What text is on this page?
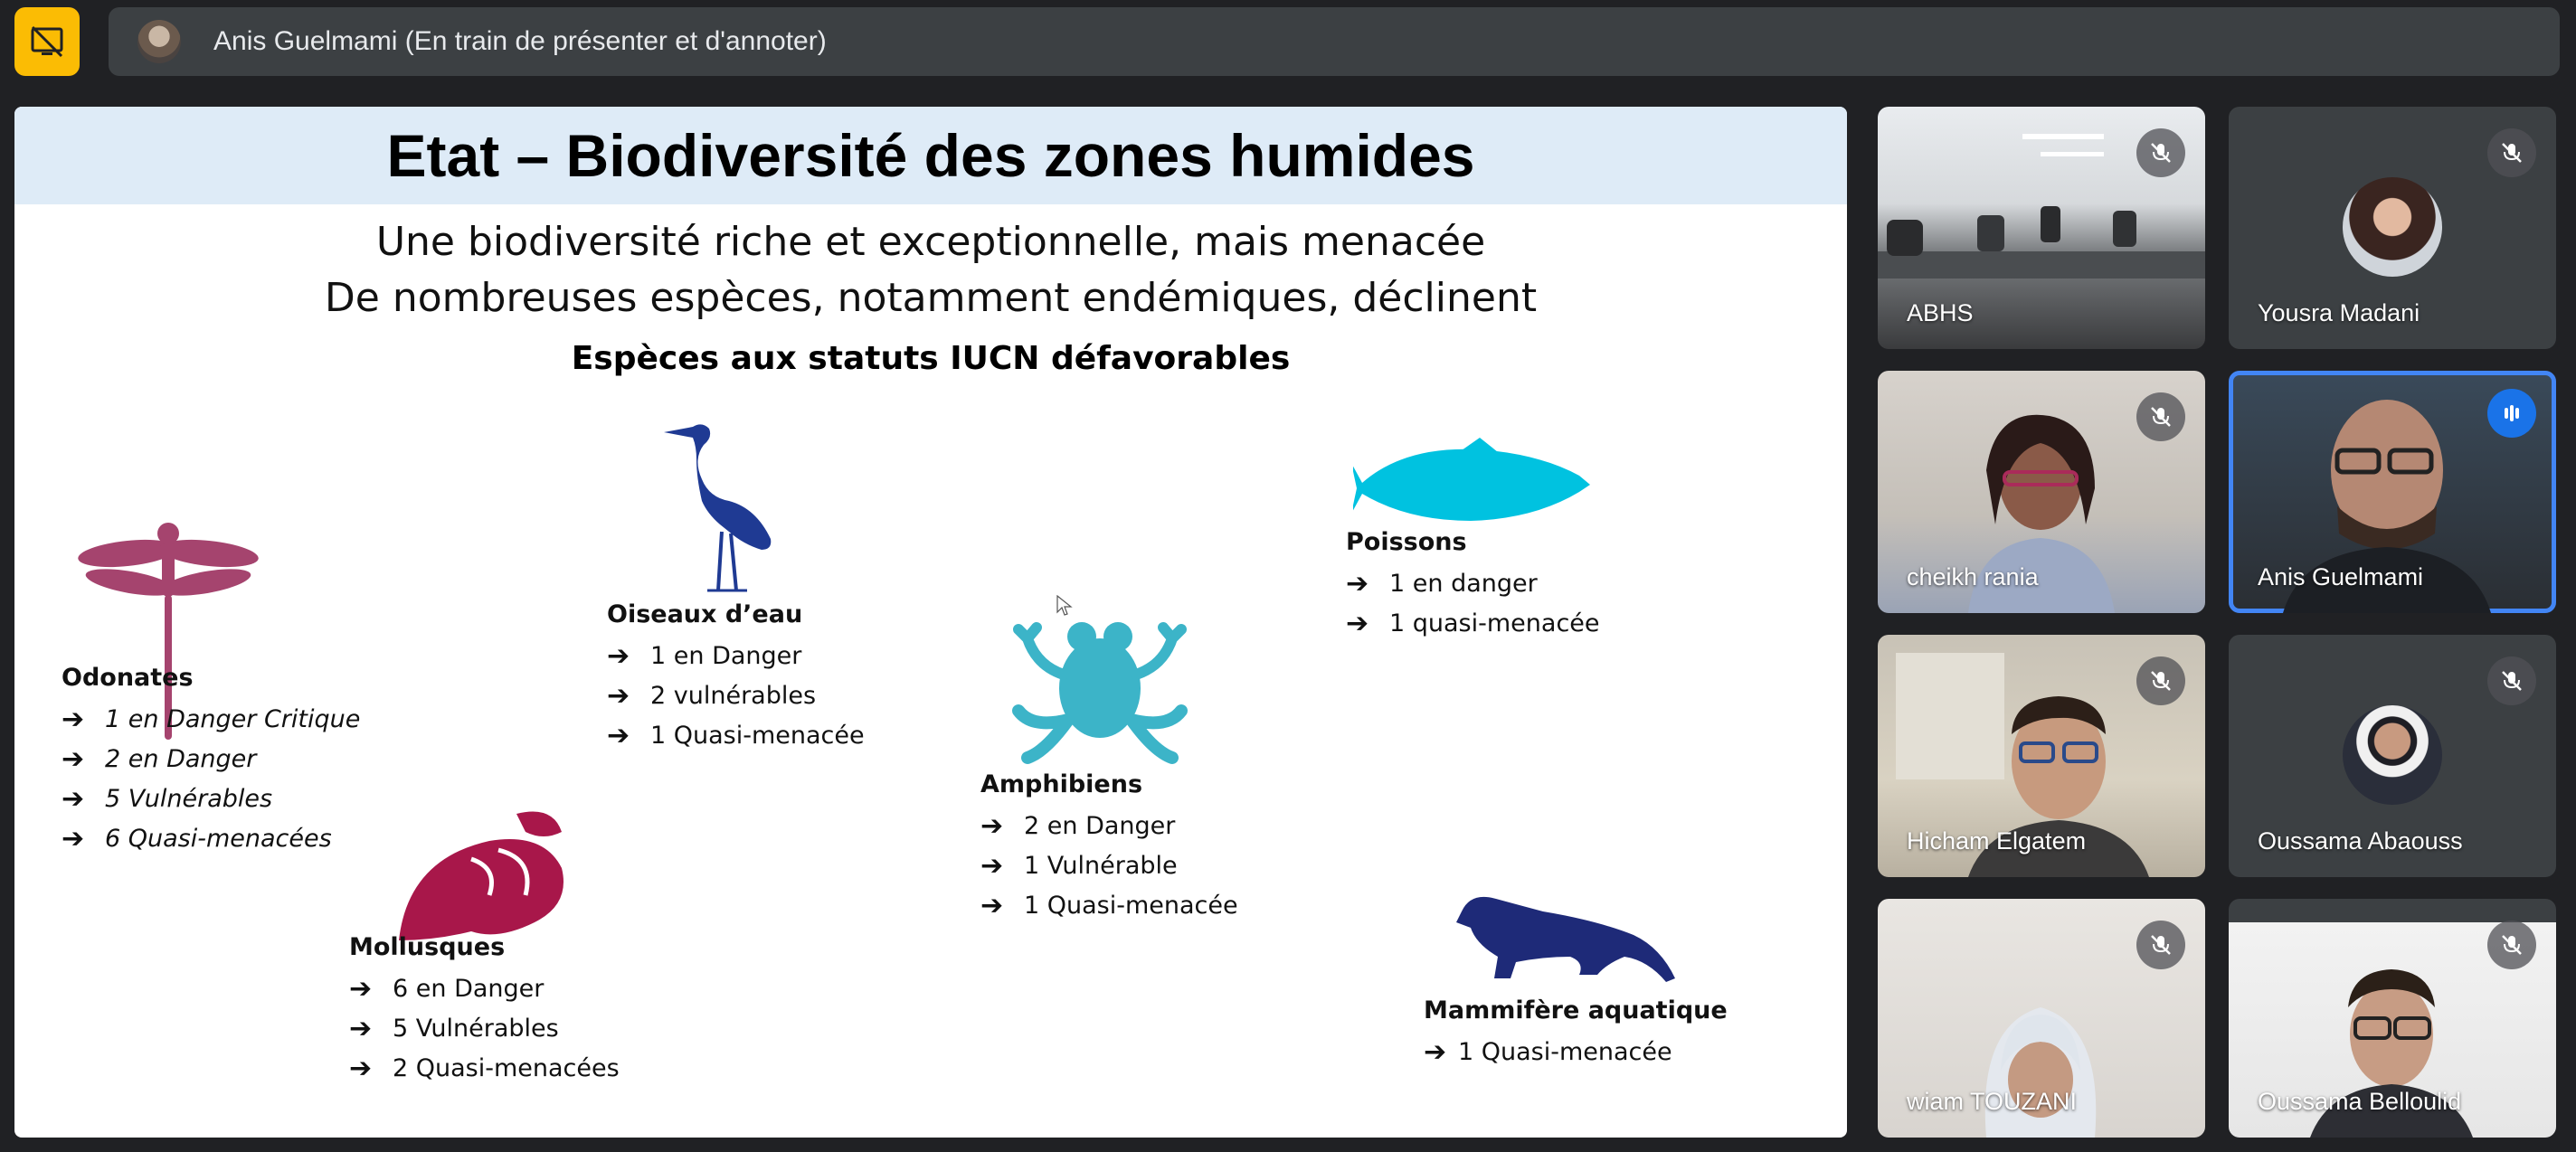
Anis Guelmami (En train de présenter et d'annoter)
Etat – Biodiversité des zones humides
Une biodiversité riche et exceptionnelle, mais menacée
De nombreuses espèces, notamment endémiques, déclinent
Espèces aux statuts IUCN défavorables
Odonates
➔ 1 en Danger Critique
➔ 2 en Danger
➔ 5 Vulnérables
➔ 6 Quasi-menacées
Oiseaux d’eau
➔ 1 en Danger
➔ 2 vulnérables
➔ 1 Quasi-menacée
Amphibiens
➔ 2 en Danger
➔ 1 Vulnérable
➔ 1 Quasi-menacée
Poissons
➔ 1 en danger
➔ 1 quasi-menacée
Mollusques
➔ 6 en Danger
➔ 5 Vulnérables
➔ 2 Quasi-menacées
Mammifère aquatique
➔ 1 Quasi-menacée
ABHS	Yousra Madani
cheikh rania	Anis Guelmami
Hicham Elgatem	Oussama Abaouss
wiam TOUZANI	Oussama Belloulid
